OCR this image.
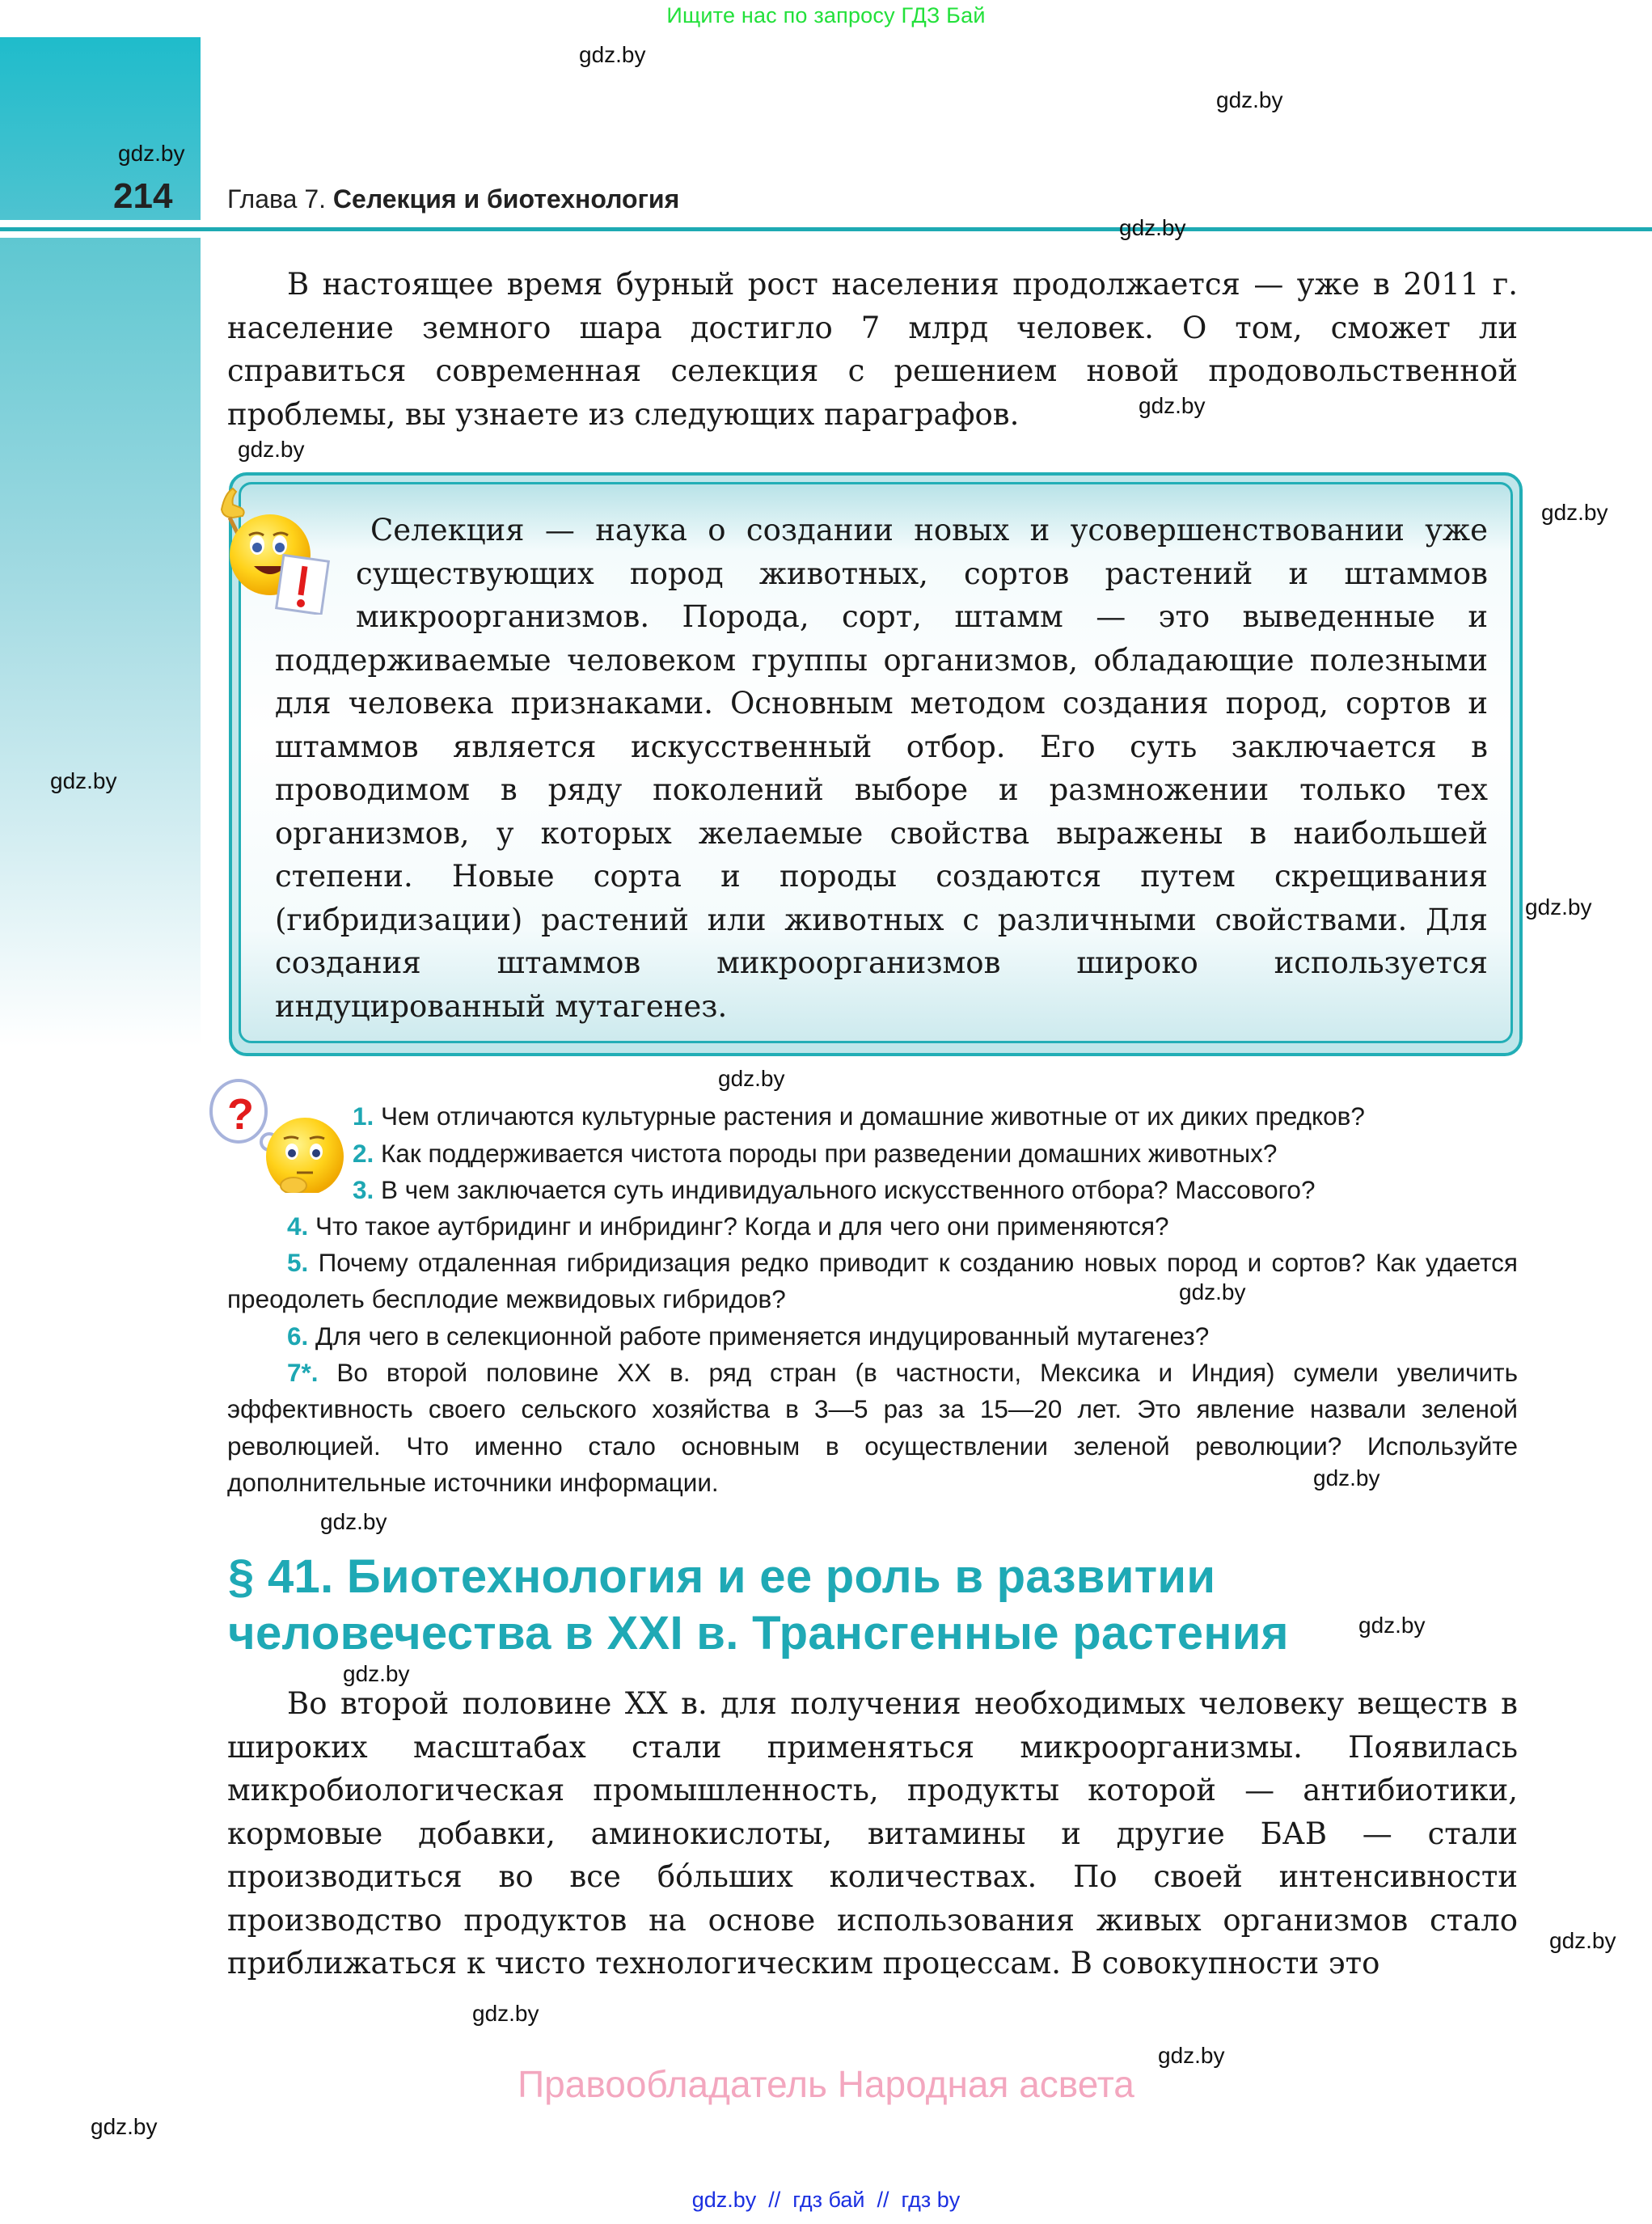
Ищите нас по запросу ГДЗ Бай
214 Глава 7. Селекция и биотехнология
gdz.by
gdz.by
gdz.by
gdz.by
gdz.by
gdz.by
gdz.by
gdz.by
gdz.by
gdz.by
gdz.by
gdz.by
gdz.by
gdz.by
gdz.by
gdz.by
gdz.by
gdz.by
gdz.by

В настоящее время бурный рост населения продолжается — уже в 2011 г. население земного шара достигло 7 млрд человек. О том, сможет ли справиться современная селекция с решением новой продовольственной проблемы, вы узнаете из следующих параграфов.

Селекция — наука о создании новых и усовершенствовании уже существующих пород животных, сортов растений и штаммов микроорганизмов. Порода, сорт, штамм — это выведенные и поддерживаемые человеком группы организмов, обладающие полезными для человека признаками. Основным методом создания пород, сортов и штаммов является искусственный отбор. Его суть заключается в проводимом в ряду поколений выборе и размножении только тех организмов, у которых желаемые свойства выражены в наибольшей степени. Новые сорта и породы создаются путем скрещивания (гибридизации) растений или животных с различными свойствами. Для создания штаммов микроорганизмов широко используется индуцированный мутагенез.
?	1. Чем отличаются культурные растения и домашние животные от их диких предков?
2. Как поддерживается чистота породы при разведении домашних животных?
3. В чем заключается суть индивидуального искусственного отбора? Массового?
4. Что такое аутбридинг и инбридинг? Когда и для чего они применяются?

5. Почему отдаленная гибридизация редко приводит к созданию новых пород и сортов? Как удается преодолеть бесплодие межвидовых гибридов?

6. Для чего в селекционной работе применяется индуцированный мутагенез?

7*. Во второй половине XX в. ряд стран (в частности, Мексика и Индия) сумели увеличить эффективность своего сельского хозяйства в 3—5 раз за 15—20 лет. Это явление назвали зеленой революцией. Что именно стало основным в осуществлении зеленой революции? Используйте дополнительные источники информации.

§ 41. Биотехнология и ее роль в развитии
человечества в XXI в. Трансгенные растения

Во второй половине XX в. для получения необходимых человеку веществ в широких масштабах стали применяться микроорганизмы. Появилась микробиологическая промышленность, продукты которой — антибиотики, кормовые добавки, аминокислоты, витамины и другие БАВ — стали производиться во все бо́льших количествах. По своей интенсивности производство продуктов на основе использования живых организмов стало приближаться к чисто технологическим процессам. В совокупности это

Правообладатель Народная асвета
gdz.by  //  гдз бай  //  гдз by
